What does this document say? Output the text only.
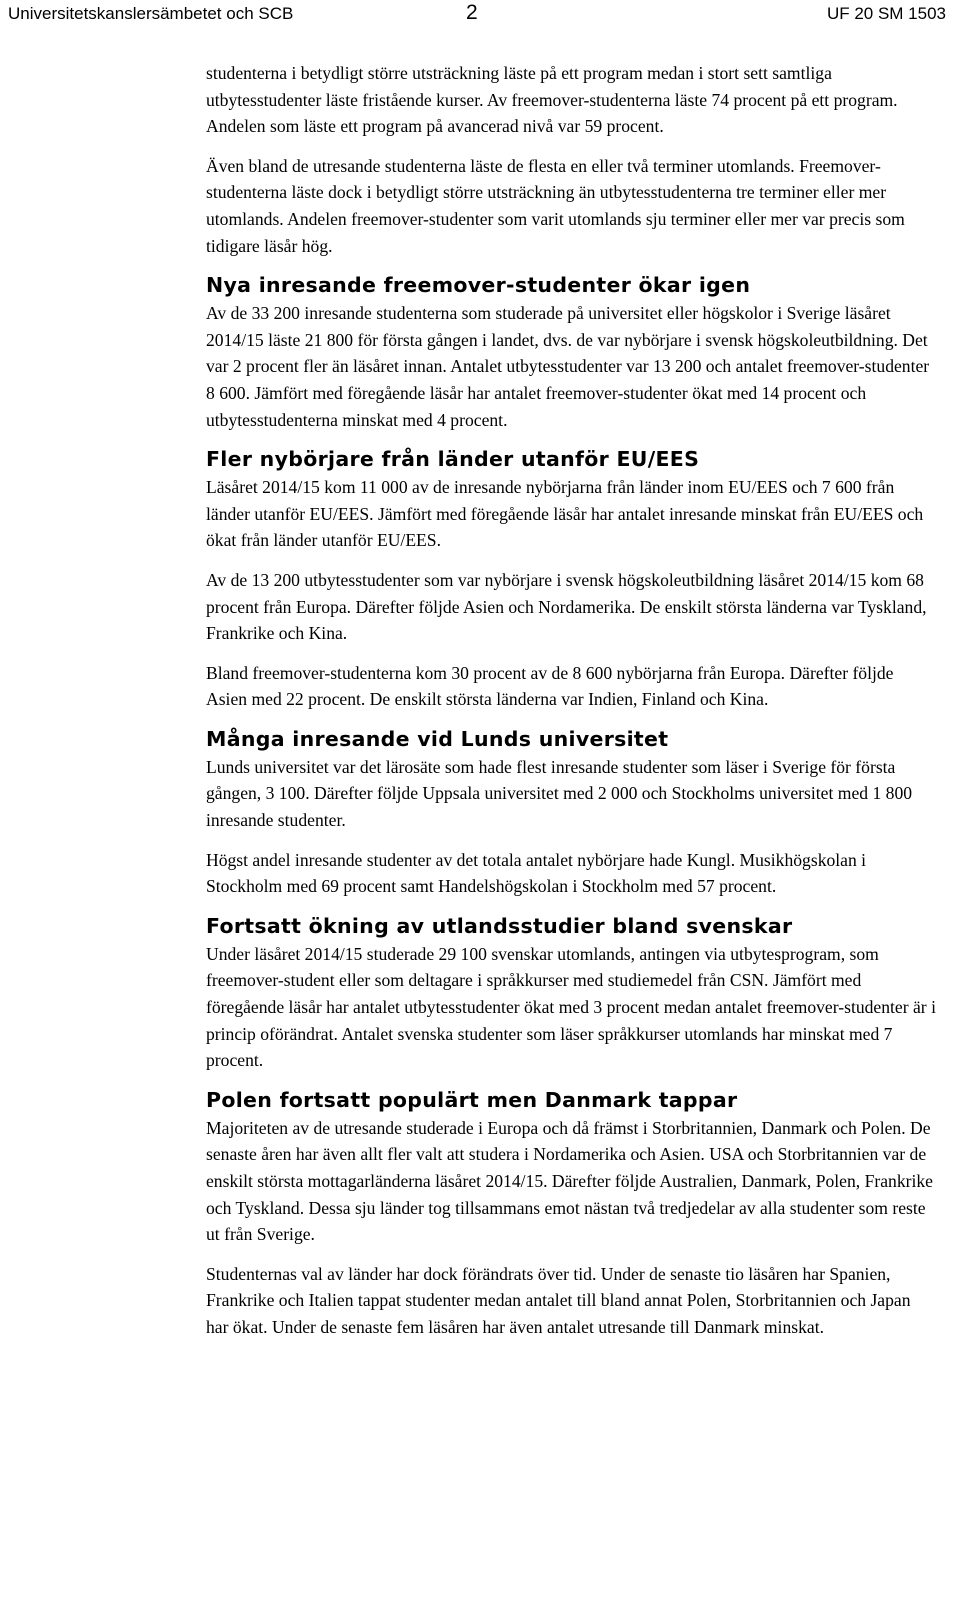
Universitetskanslersämbetet och SCB	2	UF 20 SM 1503

studenterna i betydligt större utsträckning läste på ett program medan i stort sett samtliga utbytesstudenter läste fristående kurser. Av freemover-studenterna läste 74 procent på ett program. Andelen som läste ett program på avancerad nivå var 59 procent.

Även bland de utresande studenterna läste de flesta en eller två terminer utomlands. Freemover-studenterna läste dock i betydligt större utsträckning än utbytesstudenterna tre terminer eller mer utomlands. Andelen freemover-studenter som varit utomlands sju terminer eller mer var precis som tidigare läsår hög.

Nya inresande freemover-studenter ökar igen

Av de 33 200 inresande studenterna som studerade på universitet eller högskolor i Sverige läsåret 2014/15 läste 21 800 för första gången i landet, dvs. de var nybörjare i svensk högskoleutbildning. Det var 2 procent fler än läsåret innan. Antalet utbytesstudenter var 13 200 och antalet freemover-studenter 8 600. Jämfört med föregående läsår har antalet freemover-studenter ökat med 14 procent och utbytesstudenterna minskat med 4 procent.

Fler nybörjare från länder utanför EU/EES

Läsåret 2014/15 kom 11 000 av de inresande nybörjarna från länder inom EU/EES och 7 600 från länder utanför EU/EES. Jämfört med föregående läsår har antalet inresande minskat från EU/EES och ökat från länder utanför EU/EES.

Av de 13 200 utbytesstudenter som var nybörjare i svensk högskoleutbildning läsåret 2014/15 kom 68 procent från Europa. Därefter följde Asien och Nordamerika. De enskilt största länderna var Tyskland, Frankrike och Kina.

Bland freemover-studenterna kom 30 procent av de 8 600 nybörjarna från Europa. Därefter följde Asien med 22 procent. De enskilt största länderna var Indien, Finland och Kina.

Många inresande vid Lunds universitet

Lunds universitet var det lärosäte som hade flest inresande studenter som läser i Sverige för första gången, 3 100. Därefter följde Uppsala universitet med 2 000 och Stockholms universitet med 1 800 inresande studenter.

Högst andel inresande studenter av det totala antalet nybörjare hade Kungl. Musikhögskolan i Stockholm med 69 procent samt Handelshögskolan i Stockholm med 57 procent.

Fortsatt ökning av utlandsstudier bland svenskar

Under läsåret 2014/15 studerade 29 100 svenskar utomlands, antingen via utbytesprogram, som freemover-student eller som deltagare i språkkurser med studiemedel från CSN. Jämfört med föregående läsår har antalet utbytesstudenter ökat med 3 procent medan antalet freemover-studenter är i princip oförändrat. Antalet svenska studenter som läser språkkurser utomlands har minskat med 7 procent.

Polen fortsatt populärt men Danmark tappar

Majoriteten av de utresande studerade i Europa och då främst i Storbritannien, Danmark och Polen. De senaste åren har även allt fler valt att studera i Nordamerika och Asien. USA och Storbritannien var de enskilt största mottagarländerna läsåret 2014/15. Därefter följde Australien, Danmark, Polen, Frankrike och Tyskland. Dessa sju länder tog tillsammans emot nästan två tredjedelar av alla studenter som reste ut från Sverige.

Studenternas val av länder har dock förändrats över tid. Under de senaste tio läsåren har Spanien, Frankrike och Italien tappat studenter medan antalet till bland annat Polen, Storbritannien och Japan har ökat. Under de senaste fem läsåren har även antalet utresande till Danmark minskat.
